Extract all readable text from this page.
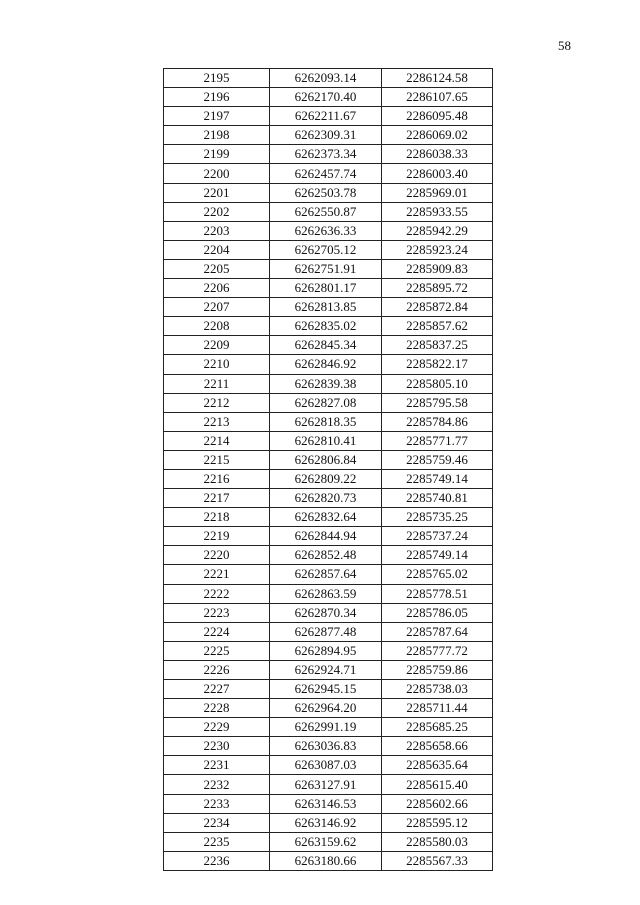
58
2195	6262093.14	2286124.58
2196	6262170.40	2286107.65
2197	6262211.67	2286095.48
2198	6262309.31	2286069.02
2199	6262373.34	2286038.33
2200	6262457.74	2286003.40
2201	6262503.78	2285969.01
2202	6262550.87	2285933.55
2203	6262636.33	2285942.29
2204	6262705.12	2285923.24
2205	6262751.91	2285909.83
2206	6262801.17	2285895.72
2207	6262813.85	2285872.84
2208	6262835.02	2285857.62
2209	6262845.34	2285837.25
2210	6262846.92	2285822.17
2211	6262839.38	2285805.10
2212	6262827.08	2285795.58
2213	6262818.35	2285784.86
2214	6262810.41	2285771.77
2215	6262806.84	2285759.46
2216	6262809.22	2285749.14
2217	6262820.73	2285740.81
2218	6262832.64	2285735.25
2219	6262844.94	2285737.24
2220	6262852.48	2285749.14
2221	6262857.64	2285765.02
2222	6262863.59	2285778.51
2223	6262870.34	2285786.05
2224	6262877.48	2285787.64
2225	6262894.95	2285777.72
2226	6262924.71	2285759.86
2227	6262945.15	2285738.03
2228	6262964.20	2285711.44
2229	6262991.19	2285685.25
2230	6263036.83	2285658.66
2231	6263087.03	2285635.64
2232	6263127.91	2285615.40
2233	6263146.53	2285602.66
2234	6263146.92	2285595.12
2235	6263159.62	2285580.03
2236	6263180.66	2285567.33
